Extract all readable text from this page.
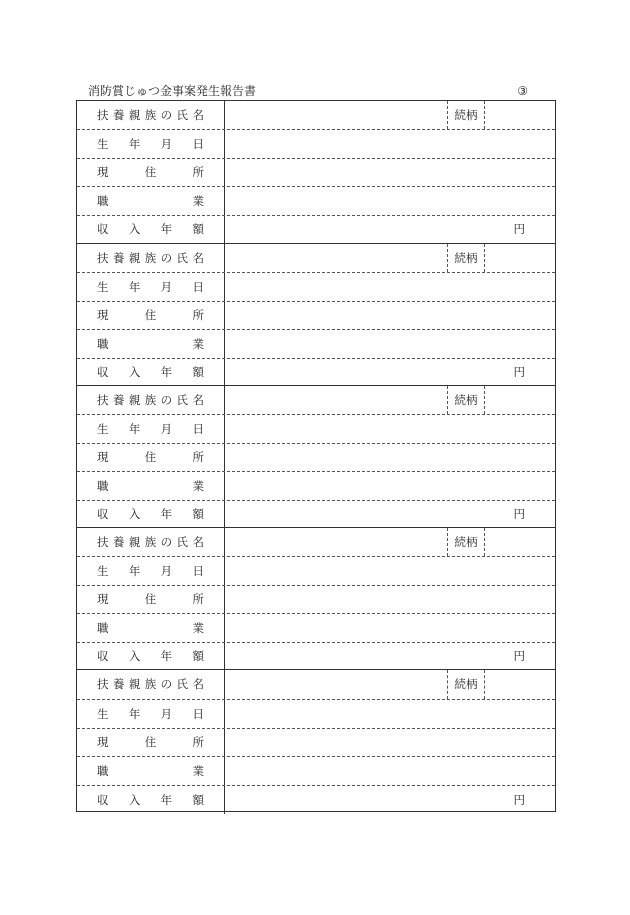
消防賞じゅつ金事案発生報告書	③
扶 養 親 族 の 氏 名	続柄
生 年 月 日
現	住	所
職	業
収 入 年 額	円
扶 養 親 族 の 氏 名	続柄
生 年 月 日
現	住	所
職	業
収 入 年 額	円
扶 養 親 族 の 氏 名	続柄
生 年 月 日
現	住	所
職	業
収 入 年 額	円
扶 養 親 族 の 氏 名	続柄
生 年 月 日
現	住	所
職	業
収 入 年 額	円
扶 養 親 族 の 氏 名	続柄
生 年 月 日
現	住	所
職	業
収 入 年 額	円
